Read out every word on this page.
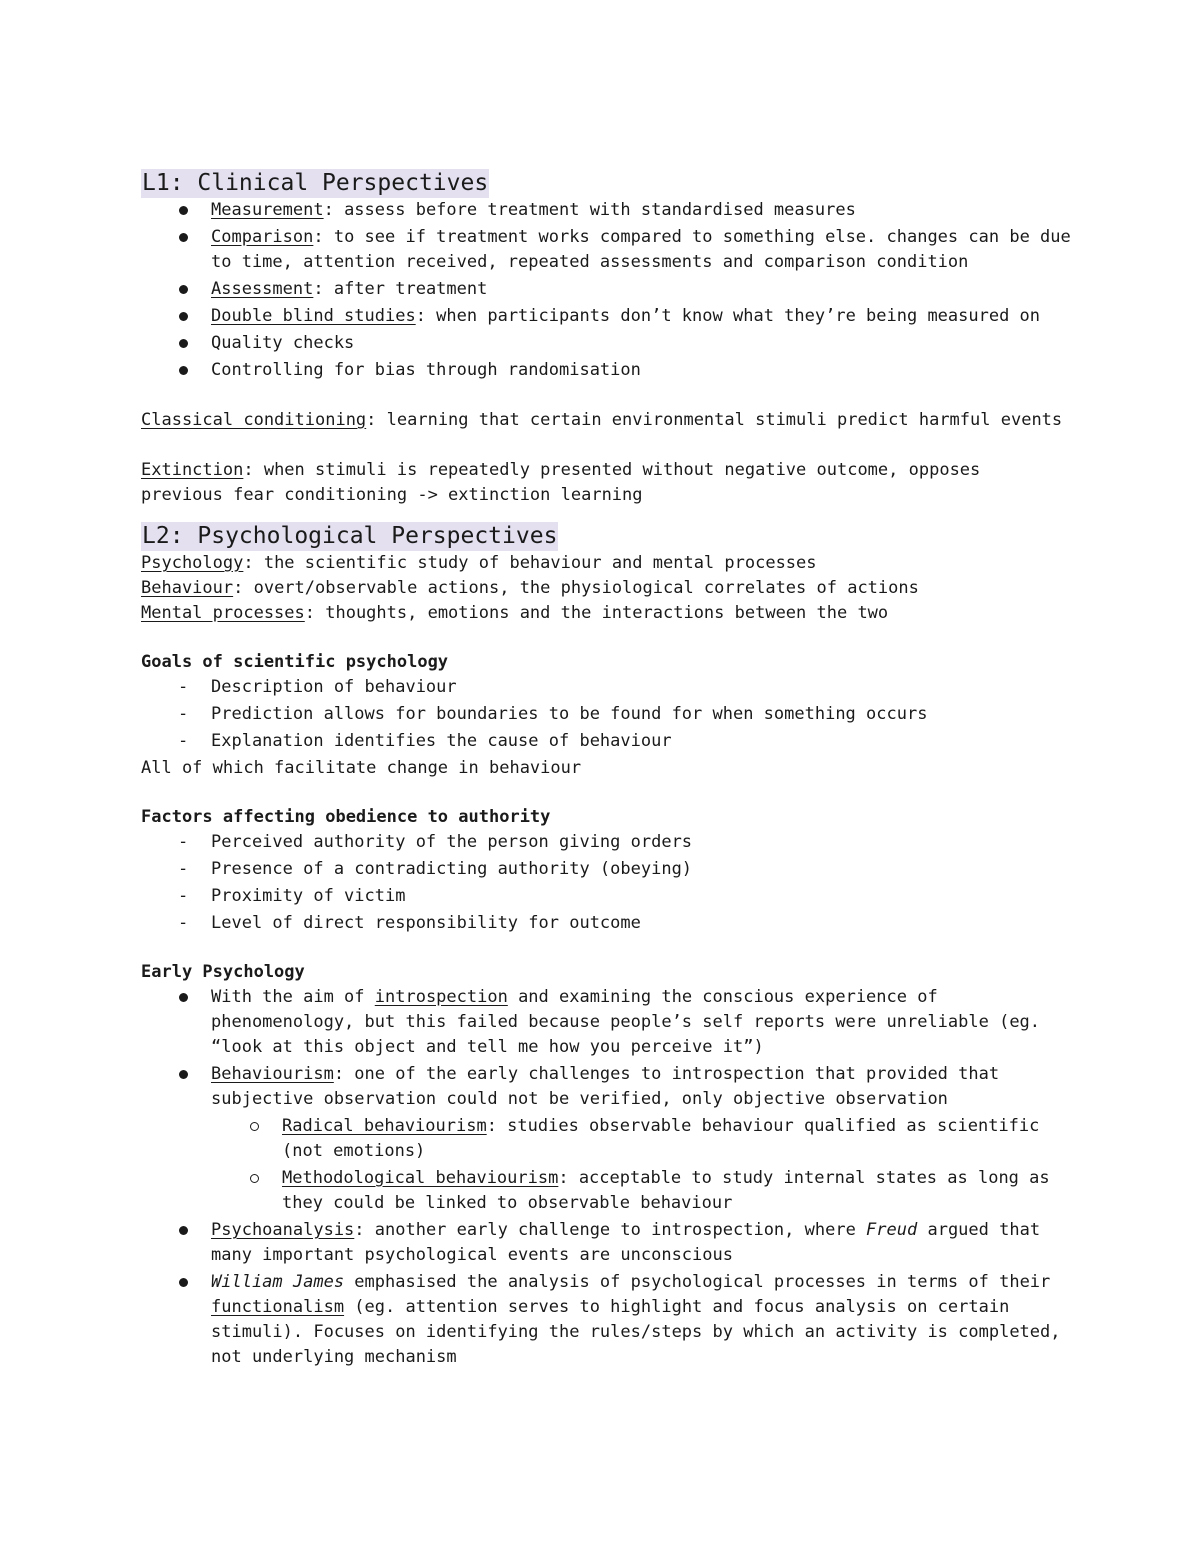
L1: Clinical Perspectives
Measurement: assess before treatment with standardised measures
Comparison: to see if treatment works compared to something else. changes can be due to time, attention received, repeated assessments and comparison condition
Assessment: after treatment
Double blind studies: when participants don’t know what they’re being measured on
Quality checks
Controlling for bias through randomisation

Classical conditioning: learning that certain environmental stimuli predict harmful events

Extinction: when stimuli is repeatedly presented without negative outcome, opposes previous fear conditioning -> extinction learning

L2: Psychological Perspectives

Psychology: the scientific study of behaviour and mental processes

Behaviour: overt/observable actions, the physiological correlates of actions

Mental processes: thoughts, emotions and the interactions between the two

Goals of scientific psychology

-	Description of behaviour
-	Prediction allows for boundaries to be found for when something occurs
-	Explanation identifies the cause of behaviour

All of which facilitate change in behaviour

Factors affecting obedience to authority

-	Perceived authority of the person giving orders
-	Presence of a contradicting authority (obeying)
-	Proximity of victim
-	Level of direct responsibility for outcome

Early Psychology

With the aim of introspection and examining the conscious experience of phenomenology, but this failed because people’s self reports were unreliable (eg. “look at this object and tell me how you perceive it”)
Behaviourism: one of the early challenges to introspection that provided that subjective observation could not be verified, only objective observation
Radical behaviourism: studies observable behaviour qualified as scientific (not emotions)
Methodological behaviourism: acceptable to study internal states as long as they could be linked to observable behaviour
Psychoanalysis: another early challenge to introspection, where Freud argued that many important psychological events are unconscious
William James emphasised the analysis of psychological processes in terms of their functionalism (eg. attention serves to highlight and focus analysis on certain stimuli). Focuses on identifying the rules/steps by which an activity is completed, not underlying mechanism
